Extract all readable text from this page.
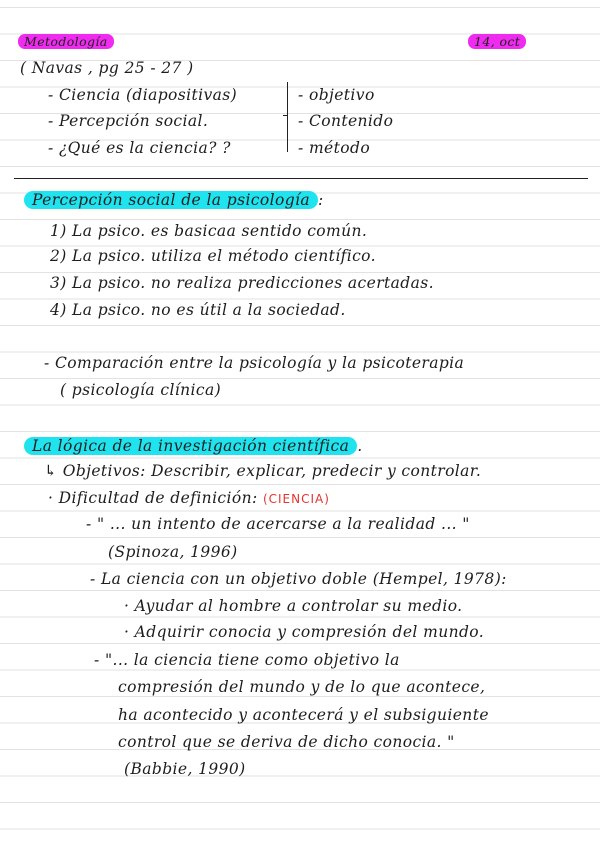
Metodología	14, oct
( Navas , pg 25 - 27 )
- Ciencia (diapositivas)
- Percepción social.
- ¿Qué es la ciencia? ?
- objetivo
- Contenido
- método
Percepción social de la psicología :
1) La psico. es basicaa sentido común.
2) La psico. utiliza el método científico.
3) La psico. no realiza predicciones acertadas.
4) La psico. no es útil a la sociedad.
- Comparación entre la psicología y la psicoterapia
( psicología clínica)
La lógica de la investigación científica .
↳ Objetivos: Describir, explicar, predecir y controlar.
· Dificultad de definición: (CIENCIA)
- " ... un intento de acercarse a la realidad ... "
(Spinoza, 1996)
- La ciencia con un objetivo doble (Hempel, 1978):
· Ayudar al hombre a controlar su medio.
· Adquirir conocia y compresión del mundo.
- "... la ciencia tiene como objetivo la
compresión del mundo y de lo que acontece,
ha acontecido y acontecerá y el subsiguiente
control que se deriva de dicho conocia. "
(Babbie, 1990)
